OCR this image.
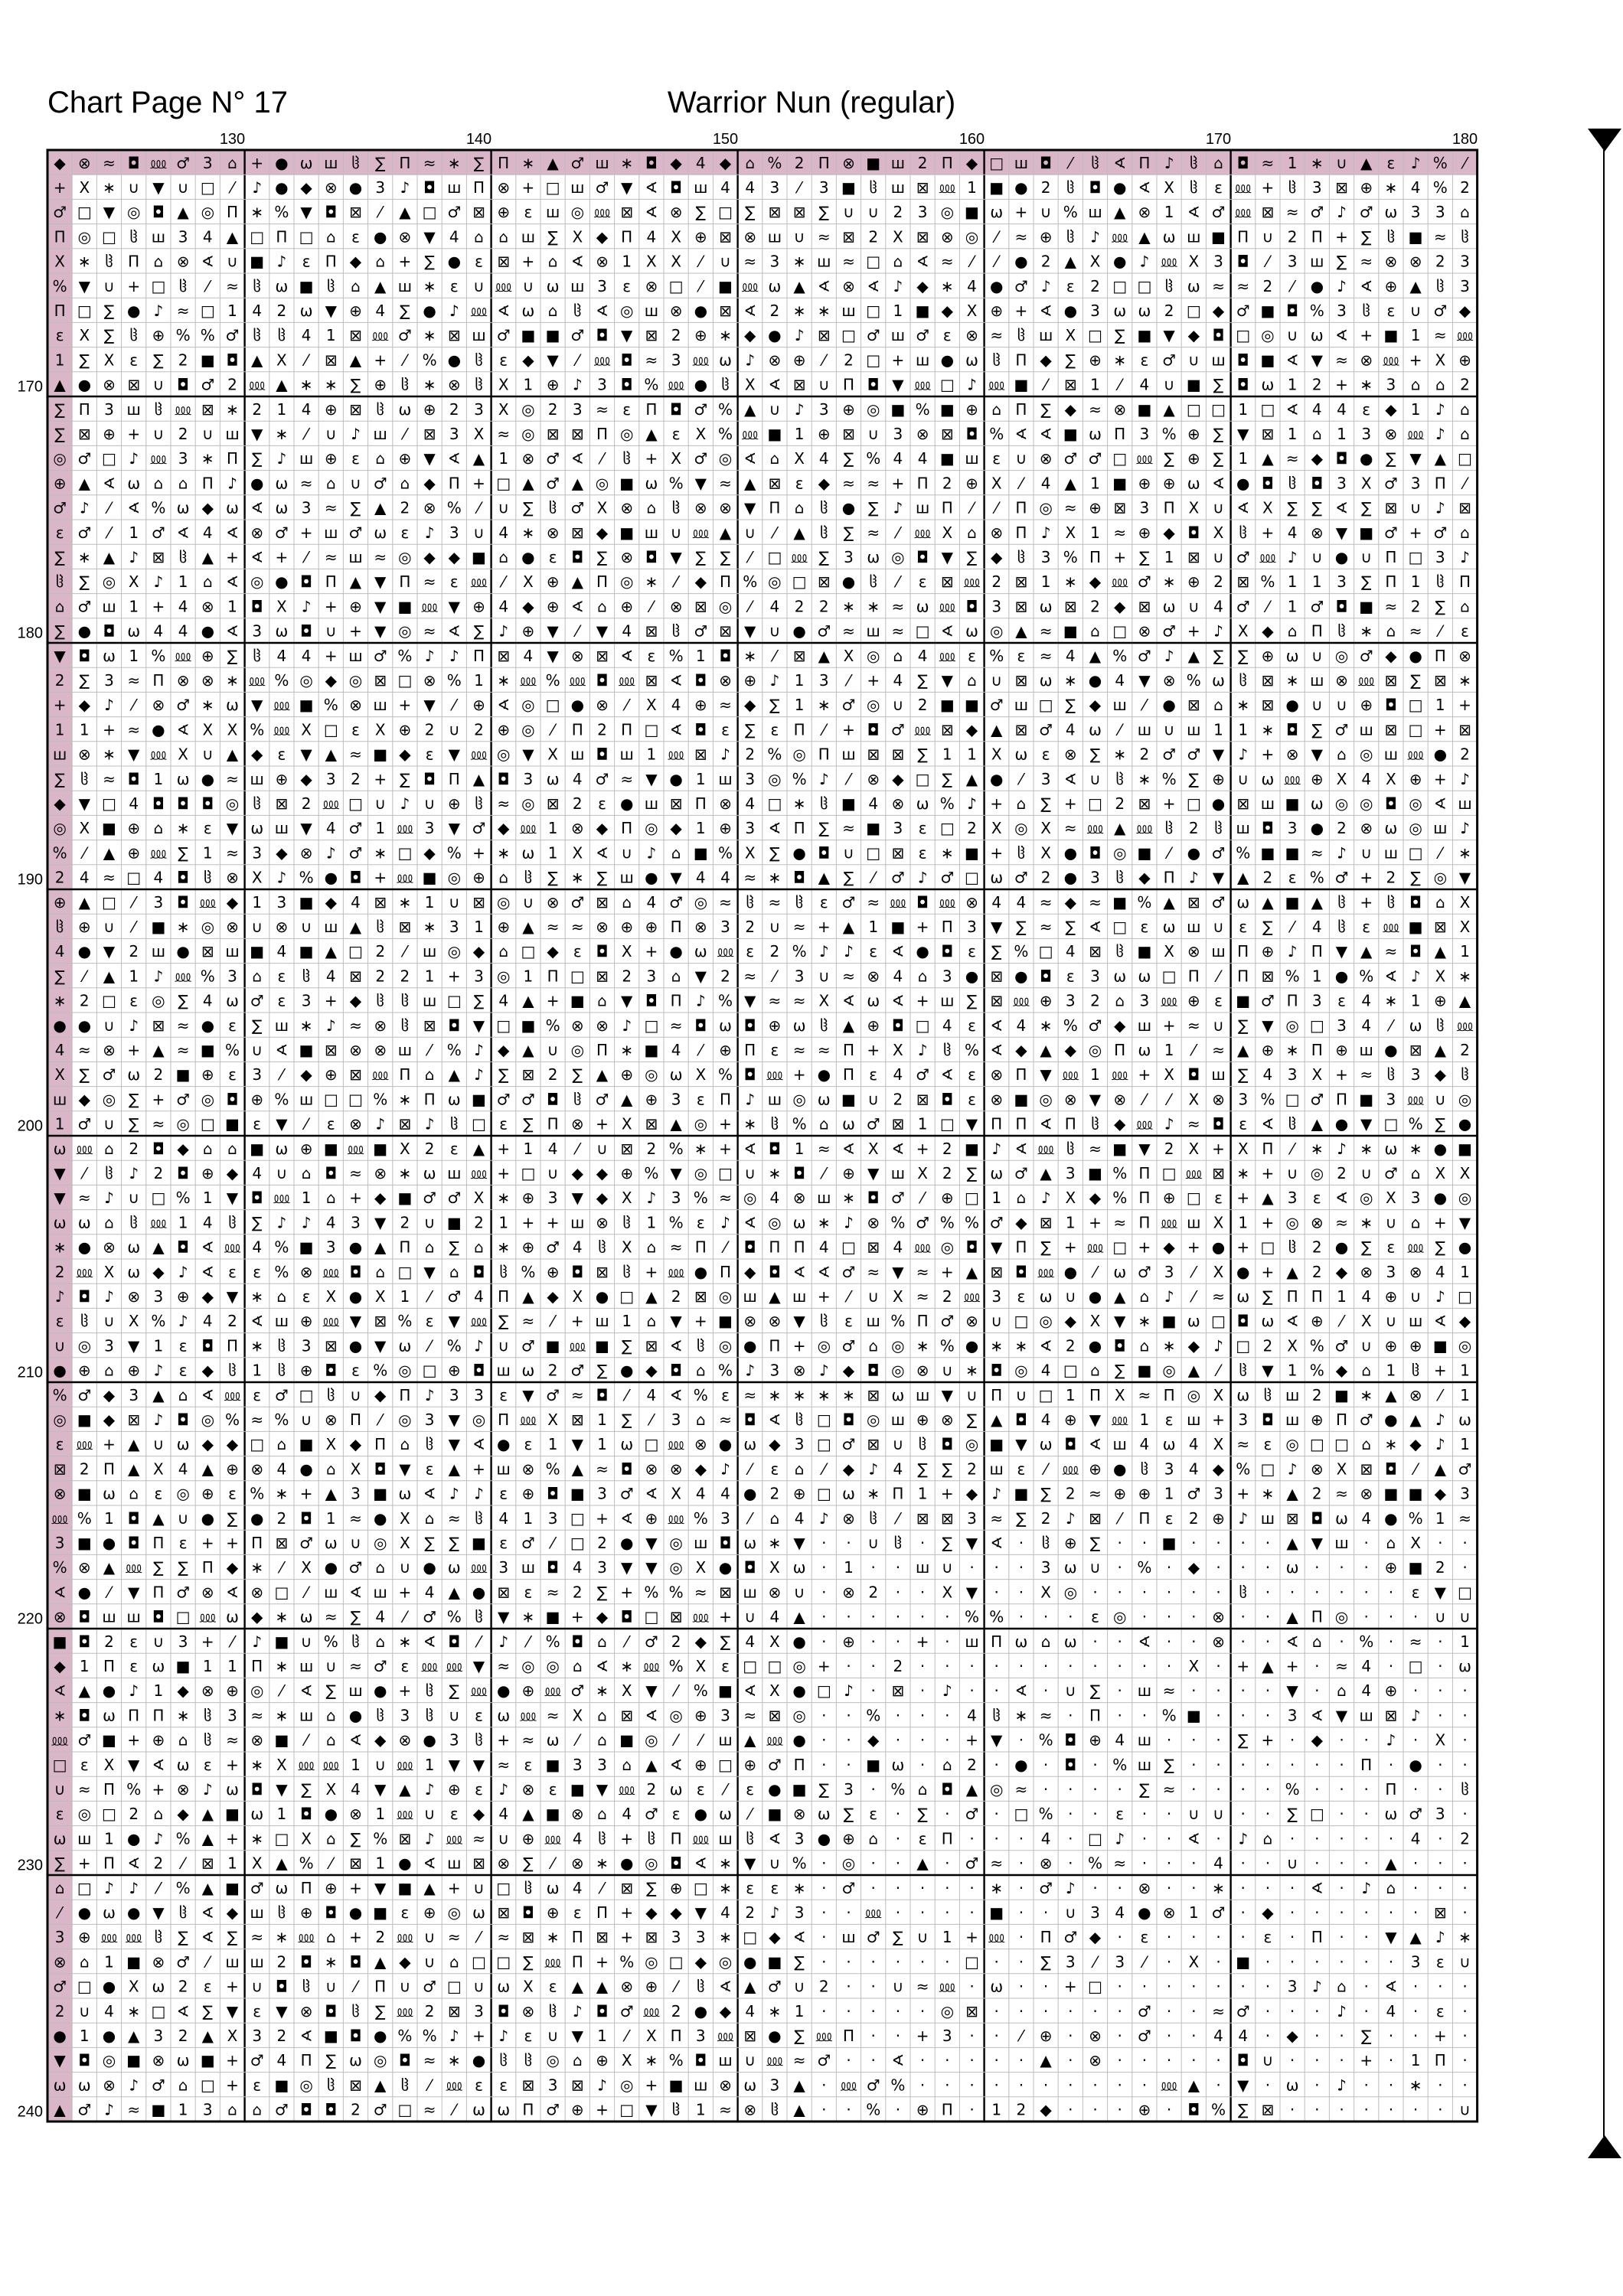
Chart Page N° 17	Warrior Nun (regular)
◆ ⊗ ≈ ◘ ⅏ ♂ 3 ⌂ + ● ω ш ჱ ∑ Π ≈ ∗ ∑ Π ∗ ▲ ♂ ш ∗ ◘ ◆ 4 ◆ ⌂ % 2 Π ⊗ ■ ш 2 Π ◆ □ ш ◘ ⁄ ჱ ∢ Π ♪ ჱ ⌂ ◘ ≈ 1 ∗ ∪ ▲ ε ♪ % ⁄
+ Χ ∗ ∪ ▼ ∪ □ ⁄ ♪ ● ◆ ⊗ ● 3 ♪ ◘ ш Π ⊗ + □ ш ♂ ▼ ∢ ◘ ш 4 4 3 ⁄ 3 ■ ჱ ш ⊠ ⅏ 1 ■ ● 2 ჱ ◘ ● ∢ Χ ჱ ε ⅏ + ჱ 3 ⊠ ⊕ ∗ 4 % 2
♂ □ ▼ ◎ ◘ ▲ ◎ Π ∗ % ▼ ◘ ⊠ ⁄ ▲ □ ♂ ⊠ ⊕ ε ш ◎ ⅏ ⊠ ∢ ⊗ ∑ □ ∑ ⊠ ⊠ ∑ ∪ ∪ 2 3 ◎ ■ ω + ∪ % ш ▲ ⊗ 1 ∢ ♂ ⅏ ⊠ ≈ ♂ ♪ ♂ ω 3 3 ⌂
Π ◎ □ ჱ ш 3 4 ▲ □ Π □ ⌂ ε ● ⊗ ▼ 4 ⌂ ⌂ ш ∑ Χ ◆ Π 4 Χ ⊕ ⊠ ⊗ ш ∪ ≈ ⊠ 2 Χ ⊠ ⊗ ◎ ⁄ ≈ ⊕ ჱ ♪ ⅏ ▲ ω ш ■ Π ∪ 2 Π + ∑ ჱ ■ ≈ ჱ
Χ ∗ ჱ Π ⌂ ⊗ ∢ ∪ ■ ♪ ε Π ◆ ⌂ + ∑ ● ε ⊠ + ⌂ ∢ ⊗ 1 Χ Χ ⁄ ∪ ≈ 3 ∗ ш ≈ □ ⌂ ∢ ≈ ⁄ ⁄ ● 2 ▲ Χ ● ♪ ⅏ Χ 3 ◘ ⁄ 3 ш ∑ ≈ ⊗ ⊗ 2 3
% ▼ ∪ + □ ჱ ⁄ ≈ ჱ ω ■ ჱ ⌂ ▲ ш ∗ ε ∪ ⅏ ∪ ω ш 3 ε ⊗ □ ⁄ ■ ⅏ ω ▲ ∢ ⊗ ∢ ♪ ◆ ∗ 4 ● ♂ ♪ ε 2 □ □ ჱ ω ≈ ≈ 2 ⁄ ● ♪ ∢ ⊕ ▲ ჱ 3
Π □ ∑ ● ♪ ≈ □ 1 4 2 ω ▼ ⊕ 4 ∑ ● ♪ ⅏ ∢ ω ⌂ ჱ ∢ ◎ ш ⊗ ● ⊠ ∢ 2 ∗ ∗ ш □ 1 ■ ◆ Χ ⊕ + ∢ ● 3 ω ω 2 □ ◆ ♂ ■ ◘ % 3 ჱ ε ∪ ♂ ◆
ε Χ ∑ ჱ ⊕ % % ♂ ჱ ჱ 4 1 ⊠ ⅏ ♂ ∗ ⊠ ш ♂ ■ ■ ♂ ◘ ▼ ⊠ 2 ⊕ ∗ ◆ ● ♪ ⊠ □ ♂ ш ♂ ε ⊗ ≈ ჱ ш Χ □ ∑ ■ ▼ ◆ ◘ □ ◎ ∪ ω ∢ + ■ 1 ≈ ⅏
1 ∑ Χ ε ∑ 2 ■ ◘ ▲ Χ ⁄ ⊠ ▲ + ⁄ % ● ჱ ε ◆ ▼ ⁄ ⅏ ◘ ≈ 3 ⅏ ω ♪ ⊗ ⊕ ⁄ 2 □ + ш ● ω ჱ Π ◆ ∑ ⊕ ∗ ε ♂ ∪ ш ◘ ■ ∢ ▼ ≈ ⊗ ⅏ + Χ ⊕
▲ ● ⊗ ⊠ ∪ ◘ ♂ 2 ⅏ ▲ ∗ ∗ ∑ ⊕ ჱ ∗ ⊗ ჱ Χ 1 ⊕ ♪ 3 ◘ % ⅏ ● ჱ Χ ∢ ⊠ ∪ Π ◘ ▼ ⅏ □ ♪ ⅏ ■ ⁄ ⊠ 1 ⁄ 4 ∪ ■ ∑ ◘ ω 1 2 + ∗ 3 ⌂ ⌂ 2
∑ Π 3 ш ჱ ⅏ ⊠ ∗ 2 1 4 ⊕ ⊠ ჱ ω ⊕ 2 3 Χ ◎ 2 3 ≈ ε Π ◘ ♂ % ▲ ∪ ♪ 3 ⊕ ◎ ■ % ■ ⊕ ⌂ Π ∑ ◆ ≈ ⊗ ■ ▲ □ □ 1 □ ∢ 4 4 ε ◆ 1 ♪ ⌂
∑ ⊠ ⊕ + ∪ 2 ∪ ш ▼ ∗ ⁄ ∪ ♪ ш ⁄ ⊠ 3 Χ ≈ ◎ ⊠ ⊠ Π ◎ ▲ ε Χ % ⅏ ■ 1 ⊕ ⊠ ∪ 3 ⊗ ⊠ ◘ % ∢ ∢ ■ ω Π 3 % ⊕ ∑ ▼ ⊠ 1 ⌂ 1 3 ⊗ ⅏ ♪ ⌂
◎ ♂ □ ♪ ⅏ 3 ∗ Π ∑ ♪ ш ⊕ ε ⌂ ⊕ ▼ ∢ ▲ 1 ⊗ ♂ ∢ ⁄ ჱ + Χ ♂ ◎ ∢ ⌂ Χ 4 ∑ % 4 4 ■ ш ε ∪ ⊗ ♂ ♂ □ ⅏ ∑ ⊕ ∑ 1 ▲ ≈ ◆ ◘ ● ∑ ▼ ▲ □
⊕ ▲ ∢ ω ⌂ ⌂ Π ♪ ● ω ≈ ⌂ ∪ ♂ ⌂ ◆ Π + □ ▲ ♂ ▲ ◎ ■ ω % ▼ ≈ ▲ ⊠ ε ◆ ≈ ≈ + Π 2 ⊕ Χ ⁄ 4 ▲ 1 ■ ⊕ ⊕ ω ∢ ● ◘ ჱ ◘ 3 Χ ♂ 3 Π ⁄
♂ ♪ ⁄ ∢ % ω ◆ ω ∢ ω 3 ≈ ∑ ▲ 2 ⊗ % ⁄ ∪ ∑ ჱ ♂ Χ ⊗ ⌂ ჱ ⊗ ⊗ ▼ Π ⌂ ჱ ● ∑ ♪ ш Π ⁄ ⁄ Π ◎ ≈ ⊕ ⊠ 3 Π Χ ∪ ∢ Χ ∑ ∑ ∢ ∑ ⊠ ∪ ♪ ⊠
ε ♂ ⁄ 1 ♂ ∢ 4 ∢ ⊗ ♂ + ш ♂ ω ε ♪ 3 ∪ 4 ∗ ⊗ ⊠ ◆ ■ ш ∪ ⅏ ▲ ∪ ⁄ ▲ ჱ ∑ ≈ ⁄ ⅏ Χ ⌂ ⊗ Π ♪ Χ 1 ≈ ⊕ ◆ ◘ Χ ჱ + 4 ⊗ ▼ ■ ♂ + ♂ ⌂
∑ ∗ ▲ ♪ ⊠ ჱ ▲ + ∢ + ⁄ ≈ ш ≈ ◎ ◆ ◆ ■ ⌂ ● ε ◘ ∑ ⊗ ◘ ▼ ∑ ∑ ⁄ □ ⅏ ∑ 3 ω ◎ ◘ ▼ ∑ ◆ ჱ 3 % Π + ∑ 1 ⊠ ∪ ♂ ⅏ ♪ ∪ ● ∪ Π □ 3 ♪
ჱ ∑ ◎ Χ ♪ 1 ⌂ ∢ ◎ ● ◘ Π ▲ ▼ Π ≈ ε ⅏ ⁄ Χ ⊕ ▲ Π ◎ ∗ ⁄ ◆ Π % ◎ □ ⊠ ● ჱ ⁄ ε ⊠ ⅏ 2 ⊠ 1 ∗ ◆ ⅏ ♂ ∗ ⊕ 2 ⊠ % 1 1 3 ∑ Π 1 ჱ Π
⌂ ♂ ш 1 + 4 ⊗ 1 ◘ Χ ♪ + ⊕ ▼ ■ ⅏ ▼ ⊕ 4 ◆ ⊕ ∢ ⌂ ⊕ ⁄ ⊗ ⊠ ◎ ⁄ 4 2 2 ∗ ∗ ≈ ω ⅏ ◘ 3 ⊠ ω ⊠ 2 ◆ ⊠ ω ∪ 4 ♂ ⁄ 1 ♂ ◘ ■ ≈ 2 ∑ ⌂
∑ ● ◘ ω 4 4 ● ∢ 3 ω ◘ ∪ + ▼ ◎ ≈ ∢ ∑ ♪ ⊕ ▼ ⁄ ▼ 4 ⊠ ჱ ♂ ⊠ ▼ ∪ ● ♂ ≈ ш ≈ □ ∢ ω ◎ ▲ ≈ ■ ⌂ □ ⊗ ♂ + ♪ Χ ◆ ⌂ Π ჱ ∗ ⌂ ≈ ⁄ ε
▼ ◘ ω 1 % ⅏ ⊕ ∑ ჱ 4 4 + ш ♂ % ♪ ♪ Π ⊠ 4 ▼ ⊗ ⊠ ∢ ε % 1 ◘ ∗ ⁄ ⊠ ▲ Χ ◎ ⌂ 4 ⅏ ε % ε ≈ 4 ▲ % ♂ ♪ ▲ ∑ ∑ ⊕ ω ∪ ◎ ♂ ◆ ● Π ⊗
2 ∑ 3 ≈ Π ⊗ ⊗ ∗ ⅏ % ◎ ◆ ◎ ⊠ □ ⊗ % 1 ∗ ⅏ % ⅏ ◘ ⅏ ⊠ ∢ ◘ ⊗ ⊕ ♪ 1 3 ⁄ + 4 ∑ ▼ ⌂ ∪ ⊠ ω ∗ ● 4 ▼ ⊗ % ω ჱ ⊠ ∗ ш ⊗ ⅏ ⊠ ∑ ⊠ ∗
+ ◆ ♪ ⁄ ⊗ ♂ ∗ ω ▼ ⅏ ■ % ⊗ ш + ▼ ⁄ ⊕ ∢ ◎ □ ● ⊗ ⁄ Χ 4 ⊕ ≈ ◆ ∑ 1 ∗ ♂ ◎ ∪ 2 ■ ■ ♂ ш □ ∑ ◆ ш ⁄ ● ⊠ ⌂ ∗ ⊠ ● ∪ ∪ ⊕ ◘ □ 1 +
1 1 + ≈ ● ∢ Χ Χ % ⅏ Χ □ ε Χ ⊕ 2 ∪ 2 ⊕ ◎ ⁄ Π 2 Π □ ∢ ◘ ε ∑ ε Π ⁄ + ◘ ♂ ⅏ ⊠ ◆ ▲ ⊠ ♂ 4 ω ⁄ ш ∪ ш 1 1 ∗ ◘ ∑ ♂ ш ⊠ □ + ⊠
ш ⊗ ∗ ▼ ⅏ Χ ∪ ▲ ◆ ε ▼ ▲ ≈ ■ ◆ ε ▼ ⅏ ◎ ▼ Χ ш ◘ ш 1 ⅏ ⊠ ♪ 2 % ◎ Π ш ⊠ ⊠ ∑ 1 1 Χ ω ε ⊗ ∑ ∗ 2 ♂ ♂ ▼ ♪ + ⊗ ▼ ⌂ ◎ ш ⅏ ● 2
∑ ჱ ≈ ◘ 1 ω ● ≈ ш ⊕ ◆ 3 2 + ∑ ◘ Π ▲ ◘ 3 ω 4 ♂ ≈ ▼ ● 1 ш 3 ◎ % ♪ ⁄ ⊗ ◆ □ ∑ ▲ ● ⁄ 3 ∢ ∪ ჱ ∗ % ∑ ⊕ ∪ ω ⅏ ⊕ Χ 4 Χ ⊕ + ♪
◆ ▼ □ 4 ◘ ◘ ◘ ◎ ჱ ⊠ 2 ⅏ □ ∪ ♪ ∪ ⊕ ჱ ≈ ◎ ⊠ 2 ε ● ш ⊠ Π ⊗ 4 □ ∗ ჱ ■ 4 ⊗ ω % ♪ + ⌂ ∑ + □ 2 ⊠ + □ ● ⊠ ш ■ ω ◎ ◎ ◘ ◎ ∢ ш
◎ Χ ■ ⊕ ⌂ ∗ ε ▼ ω ш ▼ 4 ♂ 1 ⅏ 3 ▼ ♂ ◆ ⅏ 1 ⊗ ◆ Π ◎ ◆ 1 ⊕ 3 ∢ Π ∑ ≈ ■ 3 ε □ 2 Χ ◎ Χ ≈ ⅏ ▲ ⅏ ჱ 2 ჱ ш ◘ 3 ● 2 ⊗ ω ◎ ш ♪
% ⁄ ▲ ⊕ ⅏ ∑ 1 ≈ 3 ◆ ⊗ ♪ ♂ ∗ □ ◆ % + ∗ ω 1 Χ ∢ ∪ ♪ ⌂ ■ % Χ ∑ ● ◘ ∪ □ ⊠ ε ∗ ■ + ჱ Χ ● ◘ ◎ ■ ⁄ ● ♂ % ■ ■ ≈ ♪ ∪ ш □ ⁄ ∗
2 4 ≈ □ 4 ◘ ჱ ⊗ Χ ♪ % ● ◘ + ⅏ ■ ◎ ⊕ ⌂ ჱ ∑ ∗ ∑ ш ● ▼ 4 4 ≈ ∗ ◘ ▲ ∑ ⁄ ♂ ♪ ♂ □ ω ♂ 2 ● 3 ჱ ◆ Π ♪ ▼ ▲ 2 ε % ♂ + 2 ∑ ◎ ▼
⊕ ▲ □ ⁄ 3 ◘ ⅏ ◆ 1 3 ■ ◆ 4 ⊠ ∗ 1 ∪ ⊠ ◎ ∪ ⊗ ♂ ⊠ ⌂ 4 ♂ ◎ ≈ ჱ ≈ ჱ ε ♂ ≈ ⅏ ◘ ⅏ ⊗ 4 4 ≈ ◆ ≈ ■ % ▲ ⊠ ♂ ω ▲ ■ ▲ ჱ + ჱ ◘ ⌂ Χ
ჱ ⊕ ∪ ⁄ ■ ∗ ◎ ⊗ ∪ ⊗ ∪ ш ▲ ჱ ⊠ ∗ 3 1 ⊕ ▲ ≈ ≈ ⊗ ⊕ ⊕ Π ⊗ 3 2 ∪ ≈ + ▲ 1 ■ + Π 3 ▼ ∑ ≈ ∑ ∢ □ ε ω ш ∪ ε ∑ ⁄ 4 ჱ ε ⅏ ■ ⊠ Χ
4 ● ▼ 2 ш ● ⊠ ш ■ 4 ■ ▲ □ 2 ⁄ ш ◎ ◆ ⌂ □ ◆ ε ◘ Χ + ● ω ⅏ ε 2 % ♪ ♪ ε ∢ ● ◘ ε ∑ % □ 4 ⊠ ჱ ■ Χ ⊗ ш Π ⊕ ♪ Π ▼ ▲ ≈ ◘ ▲ 1
∑ ⁄ ▲ 1 ♪ ⅏ % 3 ⌂ ε ჱ 4 ⊠ 2 2 1 + 3 ◎ 1 Π □ ⊠ 2 3 ⌂ ▼ 2 ≈ ⁄ 3 ∪ ≈ ⊗ 4 ⌂ 3 ● ⊠ ● ◘ ε 3 ω ω □ Π ⁄ Π ⊠ % 1 ● % ∢ ♪ Χ ∗
∗ 2 □ ε ◎ ∑ 4 ω ♂ ε 3 + ◆ ჱ ჱ ш □ ∑ 4 ▲ + ■ ⌂ ▼ ◘ Π ♪ % ▼ ≈ ≈ Χ ∢ ω ∢ + ш ∑ ⊠ ⅏ ⊕ 3 2 ⌂ 3 ⅏ ⊕ ε ■ ♂ Π 3 ε 4 ∗ 1 ⊕ ▲
● ● ∪ ♪ ⊠ ≈ ● ε ∑ ш ∗ ♪ ≈ ⊗ ჱ ⊠ ◘ ▼ □ ■ % ⊗ ⊗ ♪ □ ≈ ◘ ω ◘ ⊕ ω ჱ ▲ ⊕ ◘ □ 4 ε ∢ 4 ∗ % ♂ ◆ ш + ≈ ∪ ∑ ▼ ◎ □ 3 4 ⁄ ω ჱ ⅏
4 ≈ ⊗ + ▲ ≈ ■ % ∪ ∢ ■ ⊠ ⊗ ⊗ ш ⁄ % ♪ ◆ ▲ ∪ ◎ Π ∗ ■ 4 ⁄ ⊕ Π ε ≈ ≈ Π + Χ ♪ ჱ % ∢ ◆ ▲ ◆ ◎ Π ω 1 ⁄ ≈ ▲ ⊕ ∗ Π ⊕ ш ● ⊠ ▲ 2
Χ ∑ ♂ ω 2 ■ ⊕ ε 3 ⁄ ◆ ⊕ ⊠ ⅏ Π ⌂ ▲ ♪ ∑ ⊠ 2 ∑ ▲ ⊕ ◎ ω Χ % ◘ ⅏ + ● Π ε 4 ♂ ∢ ε ⊗ Π ▼ ⅏ 1 ⅏ + Χ ◘ ш ∑ 4 3 Χ + ≈ ჱ 3 ◆ ჱ
ш ◆ ◎ ∑ + ♂ ◎ ◘ ⊕ % ш □ □ % ∗ Π ω ■ ♂ ♂ ◘ ჱ ♂ ▲ ⊕ 3 ε Π ♪ ш ◎ ω ■ ∪ 2 ⊠ ◘ ε ⊗ ■ ◎ ⊗ ▼ ⊗ ⁄ ⁄ Χ ⊗ 3 % □ ♂ Π ■ 3 ⅏ ∪ ◎
1 ♂ ∪ ∑ ≈ ◎ □ ■ ε ▼ ⁄ ε ⊗ ♪ ⊠ ♪ ჱ □ ε ∑ Π ⊗ + Χ ⊠ ▲ ◎ + ∗ ჱ % ⌂ ω ♂ ⊠ 1 □ ▼ Π Π ∢ Π ჱ ◆ ⅏ ♪ ≈ ◘ ε ∢ ჱ ▲ ● ▼ □ % ∑ ●
ω ⅏ ⌂ 2 ◘ ◆ ⌂ ⌂ ■ ω ⊕ ■ ⅏ ■ Χ 2 ε ▲ + 1 4 ⁄ ∪ ⊠ 2 % ∗ + ∢ ◘ 1 ≈ ∢ Χ ∢ + 2 ■ ♪ ∢ ⅏ ჱ ≈ ■ ▼ 2 Χ + Χ Π ⁄ ∗ ♪ ∗ ω ∗ ● ■
▼ ⁄ ჱ ♪ 2 ◘ ⊕ ◆ 4 ∪ ⌂ ◘ ≈ ⊗ ∗ ω ш ⅏ + □ ∪ ◆ ◆ ⊕ % ▼ ◎ □ ∪ ∗ ◘ ⁄ ⊕ ▼ ш Χ 2 ∑ ω ♂ ▲ 3 ■ % Π □ ⅏ ⊠ ∗ + ∪ ◎ 2 ∪ ♂ ⌂ Χ Χ
▼ ≈ ♪ ∪ □ % 1 ▼ ◘ ⅏ 1 ⌂ + ◆ ■ ♂ ♂ Χ ∗ ⊕ 3 ▼ ◆ Χ ♪ 3 % ≈ ◎ 4 ⊗ ш ∗ ◘ ♂ ⁄ ⊕ □ 1 ⌂ ♪ Χ ◆ % Π ⊕ □ ε + ▲ 3 ε ∢ ◎ Χ 3 ● ◎
ω ω ⌂ ჱ ⅏ 1 4 ჱ ∑ ♪ ♪ 4 3 ▼ 2 ∪ ■ 2 1 + + ш ⊗ ჱ 1 % ε ♪ ∢ ◎ ω ∗ ♪ ⊗ % ♂ % % ♂ ◆ ⊠ 1 + ≈ Π ⅏ ш Χ 1 + ◎ ⊗ ≈ ∗ ∪ ⌂ + ▼
∗ ● ⊗ ω ▲ ◘ ∢ ⅏ 4 % ■ 3 ● ▲ Π ⌂ ∑ ⌂ ∗ ⊕ ♂ 4 ჱ Χ ⌂ ≈ Π ⁄ ◘ Π Π 4 □ ⊠ 4 ⅏ ◎ ◘ ▼ Π ∑ + ⅏ □ + ◆ + ● + □ ჱ 2 ● ∑ ε ⅏ ∑ ●
2 ⅏ Χ ω ◆ ♪ ∢ ε ε % ⊗ ⅏ ◘ ⌂ □ ▼ ⌂ ◘ ჱ % ⊕ ◘ ⊠ ჱ + ⅏ ● Π ◆ ◘ ∢ ∢ ♂ ≈ ▼ ≈ + ▲ ⊠ ◘ ⅏ ● ⁄ ω ♂ 3 ⁄ Χ ● + ▲ 2 ◆ ⊗ 3 ⊗ 4 1
♪ ◘ ♪ ⊗ 3 ⊕ ◆ ▼ ∗ ⌂ ε Χ ● Χ 1 ⁄ ♂ 4 Π ▲ ◆ Χ ● □ ▲ 2 ⊠ ◎ ш ▲ ш + ⁄ ∪ Χ ≈ 2 ⅏ 3 ε ω ∪ ● ▲ ⌂ ♪ ⁄ ≈ ω ∑ Π Π 1 4 ⊕ ∪ ♪ □
ε ჱ ∪ Χ % ♪ 4 2 ∢ ш ⊕ ⅏ ▼ ⊠ % ε ▼ ⅏ ∑ ≈ ⁄ + ш 1 ⌂ ▼ + ■ ⊗ ⊗ ▼ ჱ ε ш % Π ♂ ⊗ ∪ □ ◎ ◆ Χ ▼ ∗ ■ ω □ ◘ ω ∢ ⊕ ⁄ Χ ∪ ш ∢ ◆
∪ ◎ 3 ▼ 1 ε ◘ Π ∗ ჱ 3 ⊠ ● ▼ ω ⁄ % ♪ ∪ ♂ ■ ⅏ ■ ∑ ⊠ ∢ ჱ ◎ ● Π + ◎ ♂ ⌂ ◎ ∗ % ● ∗ ∗ ∢ 2 ● ◘ ⌂ ∗ ◆ ♪ □ 2 Χ % ♂ ∪ ⊕ ⊕ ■ ◎
● ⊕ ⌂ ⊕ ♪ ε ◆ ჱ 1 ჱ ⊕ ◘ ε % ◎ □ ⊕ ◘ ш ω 2 ♂ ∑ ● ◆ ◘ ⌂ % ♪ 3 ⊗ ♪ ◆ ◘ ◎ ⊗ ∪ ∗ ◘ ◎ 4 □ ⌂ ∑ ■ ◎ ▲ ⁄ ჱ ▼ 1 % ◆ ⌂ 1 ჱ + 1
% ♂ ◆ 3 ▲ ⌂ ∢ ⅏ ε ♂ □ ჱ ∪ ◆ Π ♪ 3 3 ε ▼ ♂ ≈ ◘ ⁄ 4 ∢ % ε ≈ ∗ ∗ ∗ ∗ ⊠ ω ш ▼ ∪ Π ∪ □ 1 Π Χ ≈ Π ◎ Χ ω ჱ ш 2 ■ ∗ ▲ ⊗ ⁄ 1
◎ ■ ◆ ⊠ ♪ ◘ ◎ % ≈ % ∪ ⊗ Π ⁄ ◎ 3 ▼ ◎ Π ⅏ Χ ⊠ 1 ∑ ⁄ 3 ⌂ ≈ ◘ ∢ ჱ □ ◘ ◎ ш ⊕ ⊗ ∑ ▲ ◘ 4 ⊕ ▼ ⅏ 1 ε ш + 3 ◘ ш ⊕ Π ♂ ● ▲ ♪ ω
ε ⅏ + ▲ ∪ ω ◆ ◆ □ ⌂ ■ Χ ◆ Π ⌂ ჱ ▼ ∢ ● ε 1 ▼ 1 ω □ ⅏ ⊗ ● ω ◆ 3 □ ♂ ⊠ ∪ ჱ ◘ ◎ ■ ▼ ω ◘ ∢ ш 4 ω 4 Χ ≈ ε ◎ □ □ ⌂ ∗ ◆ ♪ 1
⊠ 2 Π ▲ Χ 4 ▲ ⊕ ⊗ 4 ● ⌂ Χ ◘ ▼ ε ▲ + ш ⊗ % ▲ ≈ ◘ ⊗ ⊗ ◆ ♪ ⁄ ε ⌂ ⁄ ◆ ♪ 4 ∑ ∑ 2 ш ε ⁄ ⅏ ⊕ ● ჱ 3 4 ◆ % □ ♪ ⊗ Χ ⊠ ◘ ⁄ ▲ ♂
⊗ ■ ω ⌂ ε ◎ ⊕ ε % ∗ + ▲ 3 ■ ω ∢ ♪ ♪ ε ⊕ ◘ ■ 3 ♂ ∢ Χ 4 4 ● 2 ⊕ □ ω ∗ Π 1 + ◆ ♪ ■ ∑ 2 ≈ ⊕ ⊕ 1 ♂ 3 + ∗ ▲ 2 ≈ ⊗ ■ ■ ◆ 3
⅏ % 1 ◘ ▲ ∪ ● ∑ ● 2 ◘ 1 ≈ ● Χ ⌂ ≈ ჱ 4 1 3 □ + ∢ ⊕ ⅏ % 3 ⁄ ⌂ 4 ♪ ⊗ ჱ ⁄ ⊠ ⊠ 3 ≈ ∑ 2 ♪ ⊠ ⁄ Π ε 2 ⊕ ♪ ш ⊠ ◘ ω 4 ● % 1 ≈
3 ■ ● ◘ Π ε + + Π ⊠ ♂ ω ∪ ◎ Χ ∑ ∑ ■ ε ♂ ⁄ □ 2 ● ▼ ◎ ш ◘ ω ∗ ▼ · · ∪ ჱ · ∑ ▼ ∢ · ჱ ⊕ ∑ · · ■ · · · · ▲ ▼ ш · ⌂ Χ · ·
% ⊗ ▲ ⅏ ∑ ∑ Π ◆ ∗ ⁄ Χ ● ♂ ⌂ ∪ ● ω ⅏ 3 ш ◘ 4 3 ▼ ▼ ◎ Χ ● ◘ Χ ω · 1 · · ш ∪ · · · 3 ω ∪ · % · ◆ · · · ω · · · ⊕ ■ 2 ·
∢ ● ⁄ ▼ Π ♂ ⊗ ∢ ⊗ □ ⁄ ш ∢ ш + 4 ▲ ● ⊠ ε ≈ 2 ∑ + % % ≈ ⊠ ш ⊗ ∪ · ⊗ 2 · · Χ ▼ · · Χ ◎ · · · · · · ჱ · · · · · · ε ▼ □
⊗ ◘ ш ш ◘ □ ⅏ ω ◆ ∗ ω ≈ ∑ 4 ⁄ ♂ % ჱ ▼ ∗ ■ + ◆ ◘ □ ⊠ ⅏ + ∪ 4 ▲ · · · · · · % % · · · ε ◎ · · · ⊗ · · ▲ Π ◎ · · · ∪ ∪
■ ◘ 2 ε ∪ 3 + ⁄ ♪ ■ ∪ % ჱ ⌂ ∗ ∢ ◘ ⁄ ♪ ⁄ % ◘ ⌂ ⁄ ♂ 2 ◆ ∑ 4 Χ ● · ⊕ · · + · ш Π ω ⌂ ω · · ∢ · · ⊗ · · ∢ ⌂ · % · ≈ · 1
◆ 1 Π ε ω ■ 1 1 Π ∗ ш ∪ ≈ ♂ ε ⅏ ⅏ ▼ ≈ ◎ ◎ ⌂ ∢ ∗ ⅏ % Χ ε □ □ ◎ + · · 2 · · · · · · · · · · · Χ · + ▲ + · ≈ 4 · □ · ω
∢ ▲ ● ♪ 1 ◆ ⊗ ⊕ ◎ ⁄ ∢ ∑ ш ● + ჱ ∑ ⅏ ● ⊕ ⅏ ♂ ∗ Χ ▼ ⁄ % ■ ∢ Χ ● □ ♪ · ⊠ · ♪ · · ∢ · ∪ ∑ · ш ≈ · · · · ▼ · ⌂ 4 ⊕ · · ·
∗ ◘ ω Π Π ∗ ჱ 3 ≈ ∗ ш ⌂ ● ჱ 3 ჱ ∪ ε ω ⅏ ≈ Χ ⌂ ⊠ ∢ ◎ ⊕ 3 ≈ ⊠ ◎ · · % · · · 4 ჱ ∗ ≈ · Π · · % ■ · · · 3 ∢ ▼ ш ⊠ ♪ · ·
⅏ ♂ ■ + ⊕ ⌂ ჱ ≈ ⊗ ■ ⁄ ⌂ ∢ ◆ ⊗ ● 3 ჱ + ≈ ω ⁄ ⌂ ■ ◎ ⁄ ⁄ ш ▲ ⅏ ● · · ◆ · · · + ▼ · % ◘ ⊕ 4 ш · · · ∑ + · ◆ · · ♪ · Χ ·
□ ε Χ ▼ ∢ ω ε + ∗ Χ ⅏ ⅏ 1 ∪ ⅏ 1 ▼ ▼ ≈ ε ■ 3 3 ⌂ ▲ ∢ ⊕ □ ⊕ ♂ Π · · ■ ω · ⌂ 2 · ● · ◘ · % ш ∑ · · · · · · · Π · ● · ·
∪ ≈ Π % + ⊗ ♪ ω ◘ ▼ ∑ Χ 4 ▼ ▲ ♪ ⊕ ε ♪ ⊗ ε ■ ▼ ⅏ 2 ω ε ⁄ ε ● ■ ∑ 3 · % ⌂ ◘ ▲ ◎ ≈ · · · · ∑ ≈ · · · · % · · · Π · · ჱ
ε ◎ □ 2 ⌂ ◆ ▲ ■ ω 1 ◘ ● ⊗ 1 ⅏ ∪ ε ◆ 4 ▲ ■ ⊗ ⌂ 4 ♂ ε ● ω ⁄ ■ ⊗ ω ∑ ε · ∑ · ♂ · □ % · · ε · · ∪ ∪ · · ∑ □ · · ω ♂ 3 ·
ω ш 1 ● ♪ % ▲ + ∗ □ Χ ⌂ ∑ % ⊠ ♪ ⅏ ≈ ∪ ⊕ ⅏ 4 ჱ + ჱ Π ⅏ ш ჱ ∢ 3 ● ⊕ ⌂ · ε Π · · · 4 · □ ♪ · · ∢ · ♪ ⌂ · · · · · 4 · 2
∑ + Π ∢ 2 ⁄ ⊠ 1 Χ ▲ % ⁄ ⊠ 1 ● ∢ ш ⊠ ⊗ ∑ ⁄ ⊗ ∗ ● ◎ ◘ ∢ ∗ ▼ ∪ % · ◎ · · ▲ · ♂ ≈ · ⊗ · % ≈ · · · 4 · · ∪ · · · ▲ · · ·
⌂ □ ♪ ♪ ⁄ % ▲ ■ ♂ ω Π ⊕ + ▼ ■ ▲ + ∪ □ ჱ ω 4 ⁄ ⊠ ∑ ⊕ □ ∗ ε ε ∗ · ♂ · · · · · ∗ · ♂ ♪ · · ⊗ · · ∗ · · · ∢ · ♪ ⌂ · · ·
⁄ ● ω ● ▼ ჱ ∢ ◆ ш ჱ ⊕ ◘ ● ■ ε ⊕ ◎ ω ⊠ ◘ ⊕ ε Π + ◆ ◆ ▼ 4 2 ♪ 3 · · ⅏ · · · · ■ · · ∪ 3 4 ● ⊗ 1 ♂ · ◆ · · · · · · ⊠ ·
3 ⊕ ⅏ ⅏ ჱ ∑ ∢ ∑ ≈ ∗ ⅏ ⌂ + 2 ⅏ ∪ ≈ ⁄ ≈ ⊠ ∗ Π ⊠ + ⊠ 3 3 ∗ □ ◆ ∢ · ш ♂ ∑ ∪ 1 + ⅏ · Π ♂ ◆ · ε · · · · ε · Π · · ▼ ▲ ♪ ∗
⊗ ⌂ 1 ■ ⊗ ♂ ⁄ ш ш 2 ◘ ∗ ◘ ▲ ◆ ∪ ⌂ □ □ ∑ ⅏ Π + % ◎ □ ◆ ◎ ● ■ ∑ · · · · · · □ · · ∑ 3 ⁄ 3 ⁄ · Χ · ■ · · · · · · 3 ε ∪
♂ □ ● Χ ω 2 ε + ∪ ◘ ჱ ∪ ⁄ Π ∪ ♂ □ ∪ ω Χ ε ▲ ▲ ⊗ ⊕ ⁄ ჱ ∢ ▲ ♂ ∪ 2 · · ∪ ≈ ⅏ · ω · · + □ · · · · · · · 3 ♪ ⌂ · ∢ · · ·
2 ∪ 4 ∗ □ ∢ ∑ ▼ ε ▼ ⊗ ◘ ჱ ∑ ⅏ 2 ⊠ 3 ◘ ⊗ ჱ ♪ ◘ ♂ ⅏ 2 ● ◆ 4 ∗ 1 · · · · · ◎ ⊠ · · · · · · ♂ · · ≈ ♂ · · · ♪ · 4 · ε ·
● 1 ● ▲ 3 2 ▲ Χ 3 2 ∢ ■ ◘ ● % % ♪ + ♪ ε ∪ ▼ 1 ⁄ Χ Π 3 ⅏ ⊠ ● ∑ ⅏ Π · · + 3 · · ⁄ ⊕ · ⊗ · ♂ · · 4 4 · ◆ · · ∑ · · + ·
▼ ◘ ◎ ■ ⊗ ω ■ + ♂ 4 Π ∑ ω ◎ ◘ ≈ ∗ ● ჱ ჱ ◎ ⌂ ⊕ Χ ∗ % ◘ ш ∪ ⅏ ≈ ♂ · · ∢ · · · · · ▲ · ⊗ · · · · · ◘ ∪ · · · + · 1 Π ·
ω ω ⊗ ♪ ♂ ⌂ □ + ε ■ ◎ ჱ ⊠ ▲ ჱ ⁄ ⅏ ε ε ⊠ 3 ⊠ ♪ ◎ + ■ ш ⊗ ω 3 ▲ · ⅏ ♂ % · · · · · · · · · · ⅏ ▲ · ▼ · ω · ♪ · · ∗ · ·
▲ ♂ ♪ ≈ ■ 1 3 ⌂ ⌂ ♂ ◘ ◘ 2 ♂ □ ≈ ⁄ ω ω Π ♂ ⊕ + □ ▼ ჱ 1 ≈ ⊗ ჱ ▲ · · % · ⊕ Π · 1 2 ◆ · · · ⊕ · ◘ % ∑ ⊠ · · · · · · · ∪
130	140	150	160	170	180
170
180
190
200
210
220
230
240
